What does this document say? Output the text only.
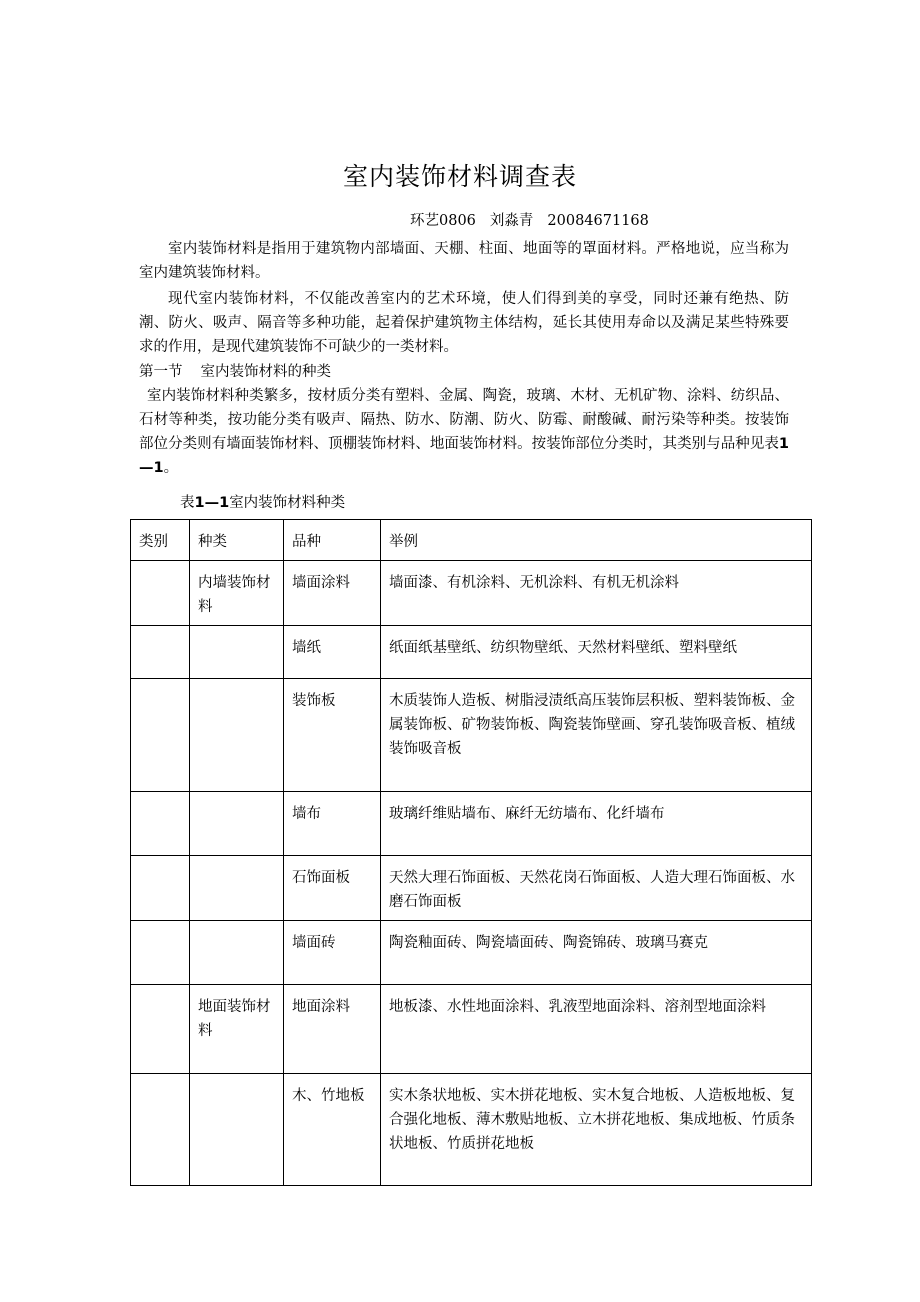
室内装饰材料调查表
环艺0806 刘淼青 20084671168

室内装饰材料是指用于建筑物内部墙面、天棚、柱面、地面等的罩面材料。严格地说，应当称为室内建筑装饰材料。

现代室内装饰材料，不仅能改善室内的艺术环境，使人们得到美的享受，同时还兼有绝热、防潮、防火、吸声、隔音等多种功能，起着保护建筑物主体结构，延长其使用寿命以及满足某些特殊要求的作用，是现代建筑装饰不可缺少的一类材料。

第一节 室内装饰材料的种类

室内装饰材料种类繁多，按材质分类有塑料、金属、陶瓷，玻璃、木材、无机矿物、涂料、纺织品、石材等种类，按功能分类有吸声、隔热、防水、防潮、防火、防霉、耐酸碱、耐污染等种类。按装饰部位分类则有墙面装饰材料、顶棚装饰材料、地面装饰材料。按装饰部位分类时，其类别与品种见表1—1。

表1—1室内装饰材料种类
类别	种类	品种	举例
	内墙装饰材料	墙面涂料	墙面漆、有机涂料、无机涂料、有机无机涂料
		墙纸	纸面纸基壁纸、纺织物壁纸、天然材料壁纸、塑料壁纸
		装饰板	木质装饰人造板、树脂浸渍纸高压装饰层积板、塑料装饰板、金属装饰板、矿物装饰板、陶瓷装饰壁画、穿孔装饰吸音板、植绒装饰吸音板
		墙布	玻璃纤维贴墙布、麻纤无纺墙布、化纤墙布
		石饰面板	天然大理石饰面板、天然花岗石饰面板、人造大理石饰面板、水磨石饰面板
		墙面砖	陶瓷釉面砖、陶瓷墙面砖、陶瓷锦砖、玻璃马赛克
	地面装饰材料	地面涂料	地板漆、水性地面涂料、乳液型地面涂料、溶剂型地面涂料
		木、竹地板	实木条状地板、实木拼花地板、实木复合地板、人造板地板、复合强化地板、薄木敷贴地板、立木拼花地板、集成地板、竹质条状地板、竹质拼花地板
